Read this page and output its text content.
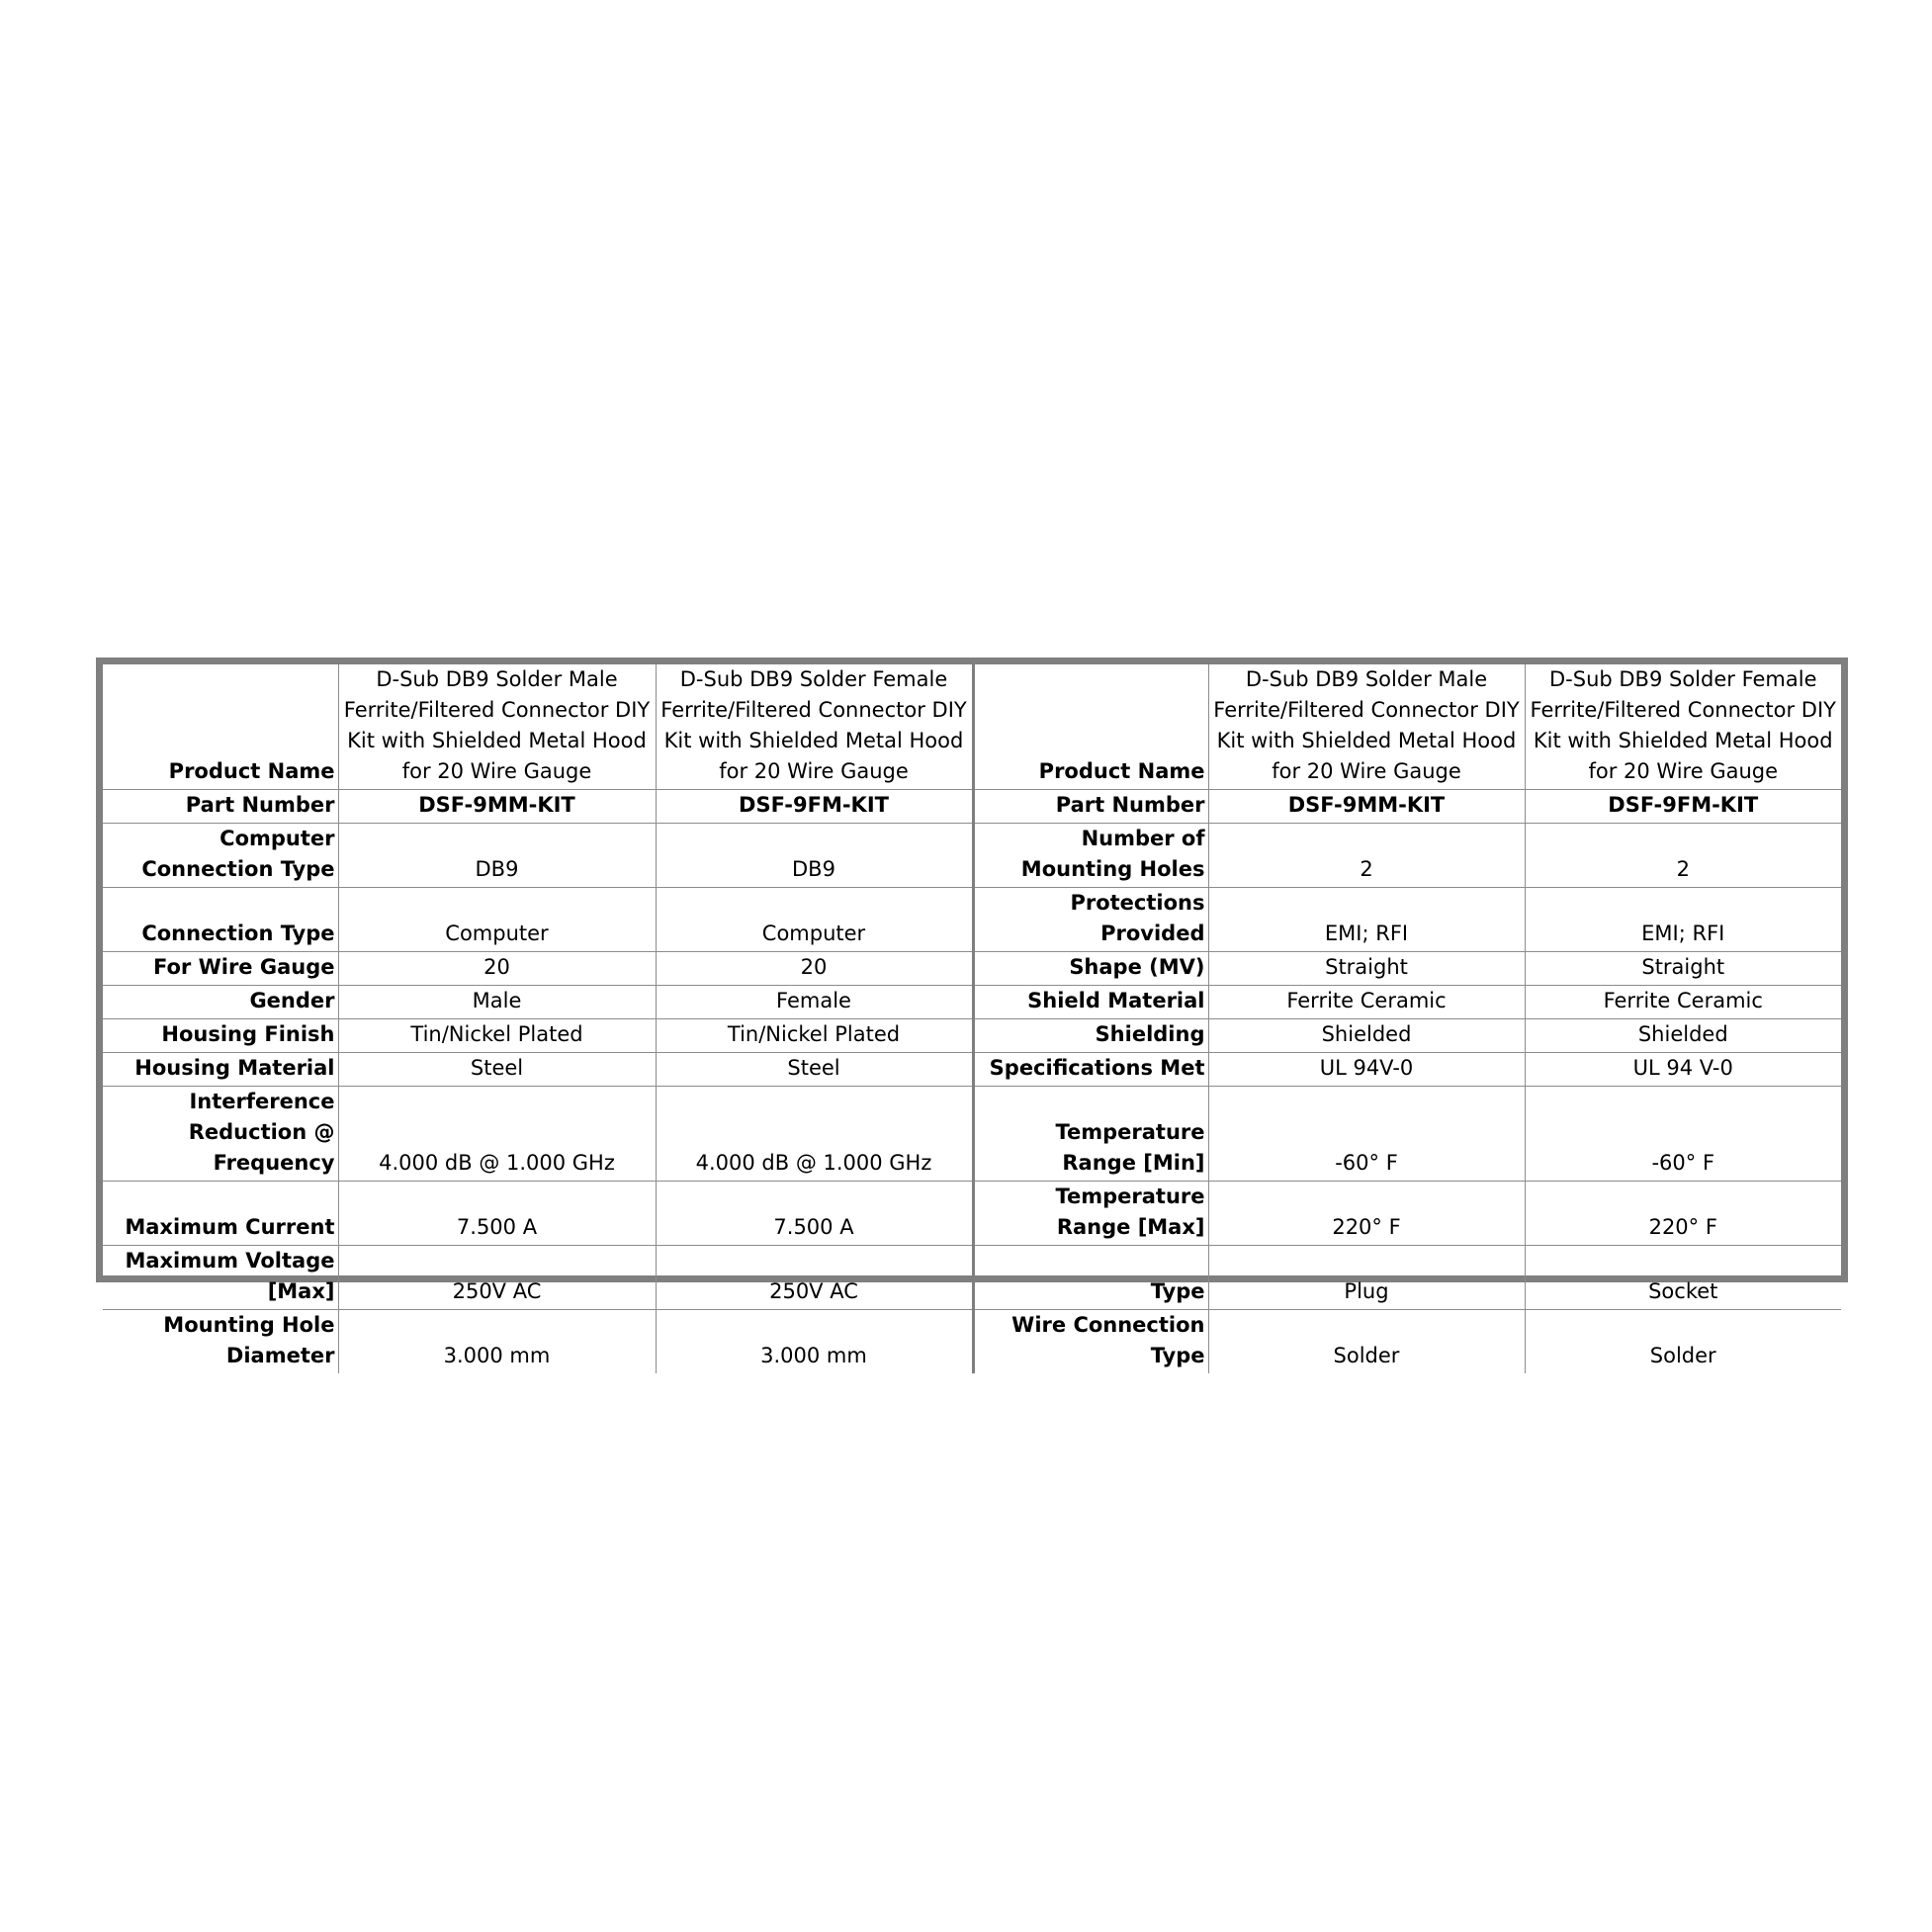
Product Name	D-Sub DB9 Solder Male Ferrite/Filtered Connector DIY Kit with Shielded Metal Hood for 20 Wire Gauge	D-Sub DB9 Solder Female Ferrite/Filtered Connector DIY Kit with Shielded Metal Hood for 20 Wire Gauge	Product Name	D-Sub DB9 Solder Male Ferrite/Filtered Connector DIY Kit with Shielded Metal Hood for 20 Wire Gauge	D-Sub DB9 Solder Female Ferrite/Filtered Connector DIY Kit with Shielded Metal Hood for 20 Wire Gauge
Part Number	DSF-9MM-KIT	DSF-9FM-KIT	Part Number	DSF-9MM-KIT	DSF-9FM-KIT
Computer Connection Type	DB9	DB9	Number of Mounting Holes	2	2
Connection Type	Computer	Computer	Protections Provided	EMI; RFI	EMI; RFI
For Wire Gauge	20	20	Shape (MV)	Straight	Straight
Gender	Male	Female	Shield Material	Ferrite Ceramic	Ferrite Ceramic
Housing Finish	Tin/Nickel Plated	Tin/Nickel Plated	Shielding	Shielded	Shielded
Housing Material	Steel	Steel	Specifications Met	UL 94V-0	UL 94 V-0
Interference Reduction @ Frequency	4.000 dB @ 1.000 GHz	4.000 dB @ 1.000 GHz	Temperature Range [Min]	-60° F	-60° F
Maximum Current	7.500 A	7.500 A	Temperature Range [Max]	220° F	220° F
Maximum Voltage [Max]	250V AC	250V AC	Type	Plug	Socket
Mounting Hole Diameter	3.000 mm	3.000 mm	Wire Connection Type	Solder	Solder
